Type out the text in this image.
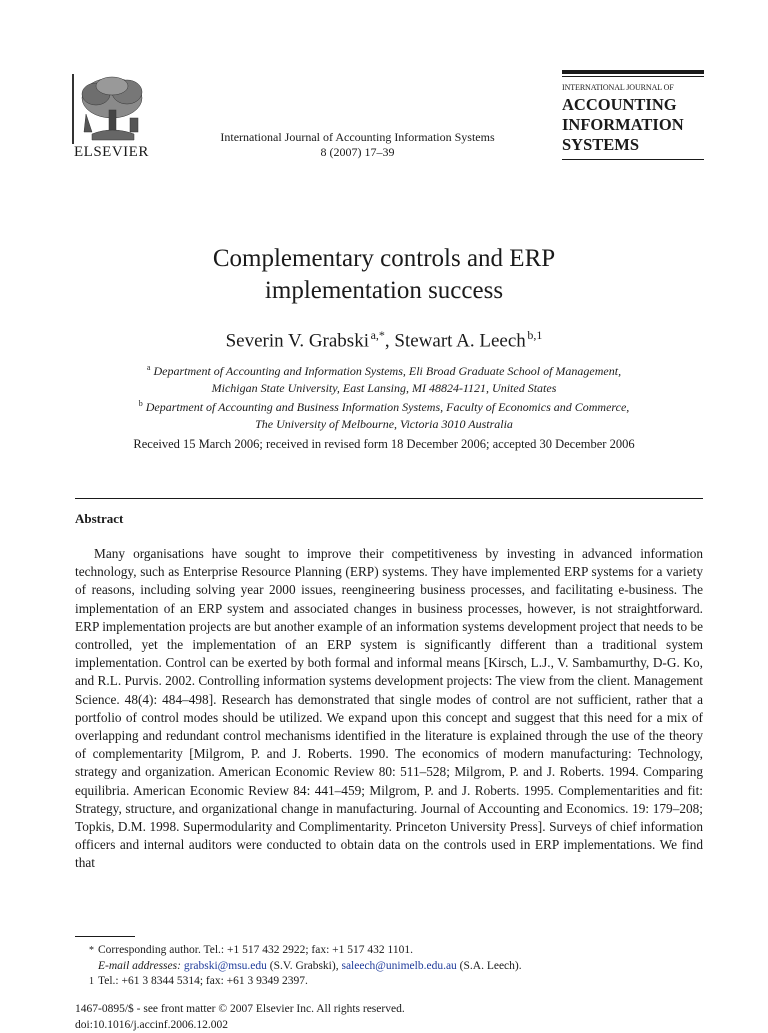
ELSEVIER
International Journal of Accounting Information Systems
8 (2007) 17–39
INTERNATIONAL JOURNAL OF
ACCOUNTING
INFORMATION
SYSTEMS
Complementary controls and ERP
implementation success
Severin V. Grabski  $^{a,*}$, Stewart A. Leech  $^{b,1}$
$^a$ Department of Accounting and Information Systems, Eli Broad Graduate School of Management,
Michigan State University, East Lansing, MI 48824-1121, United States
$^b$ Department of Accounting and Business Information Systems, Faculty of Economics and Commerce,
The University of Melbourne, Victoria 3010 Australia
Received 15 March 2006; received in revised form 18 December 2006; accepted 30 December 2006
Abstract
Many organisations have sought to improve their competitiveness by investing in advanced information technology, such as Enterprise Resource Planning (ERP) systems. They have implemented ERP systems for a variety of reasons, including solving year 2000 issues, reengineering business processes, and facilitating e-business. The implementation of an ERP system and associated changes in business processes, however, is not straightforward. ERP implementation projects are but another example of an information systems development project that needs to be controlled, yet the implementation of an ERP system is significantly different than a traditional system implementation. Control can be exerted by both formal and informal means [Kirsch, L.J., V. Sambamurthy, D-G. Ko, and R.L. Purvis. 2002. Controlling information systems development projects: The view from the client. Management Science. 48(4): 484–498]. Research has demonstrated that single modes of control are not sufficient, rather that a portfolio of control modes should be utilized. We expand upon this concept and suggest that this need for a mix of overlapping and redundant control mechanisms identified in the literature is explained through the use of the theory of complementarity [Milgrom, P. and J. Roberts. 1990. The economics of modern manufacturing: Technology, strategy and organization. American Economic Review 80: 511–528; Milgrom, P. and J. Roberts. 1994. Comparing equilibria. American Economic Review 84: 441–459; Milgrom, P. and J. Roberts. 1995. Complementarities and fit: Strategy, structure, and organizational change in manufacturing. Journal of Accounting and Economics. 19: 179–208; Topkis, D.M. 1998. Supermodularity and Complimentarity. Princeton University Press]. Surveys of chief information officers and internal auditors were conducted to obtain data on the controls used in ERP implementations. We find that
* Corresponding author. Tel.: +1 517 432 2922; fax: +1 517 432 1101.
E-mail addresses: grabski@msu.edu (S.V. Grabski), saleech@unimelb.edu.au (S.A. Leech).
1 Tel.: +61 3 8344 5314; fax: +61 3 9349 2397.
1467-0895/$ - see front matter © 2007 Elsevier Inc. All rights reserved.
doi:10.1016/j.accinf.2006.12.002
